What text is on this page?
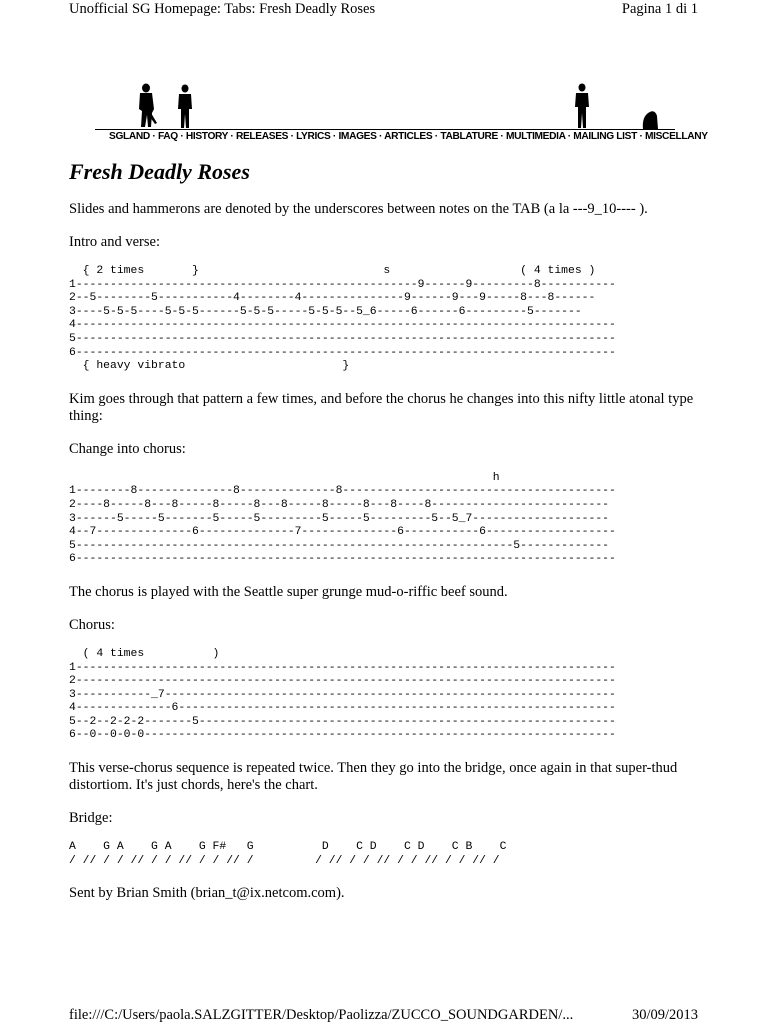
Unofficial SG Homepage: Tabs: Fresh Deadly Roses	Pagina 1 di 1
SGLAND · FAQ · HISTORY · RELEASES · LYRICS · IMAGES · ARTICLES · TABLATURE · MULTIMEDIA · MAILING LIST · MISCELLANY
Fresh Deadly Roses

Slides and hammerons are denoted by the underscores between notes on the TAB (a la ---9_10---- ).

Intro and verse:

{ 2 times       }                           s                   ( 4 times )
1--------------------------------------------------9------9---------8-----------
2--5--------5-----------4--------4---------------9------9---9-----8---8------
3----5-5-5----5-5-5------5-5-5-----5-5-5--5_6-----6------6---------5-------
4-------------------------------------------------------------------------------
5-------------------------------------------------------------------------------
6-------------------------------------------------------------------------------
{ heavy vibrato                       }

Kim goes through that pattern a few times, and before the chorus he changes into this nifty little atonal type thing:

Change into chorus:

h
1--------8--------------8--------------8----------------------------------------
2----8-----8---8-----8-----8---8-----8-----8---8----8--------------------------
3------5-----5-------5-----5---------5-----5---------5--5_7--------------------
4--7--------------6--------------7--------------6-----------6-------------------
5----------------------------------------------------------------5-------------
6-------------------------------------------------------------------------------

The chorus is played with the Seattle super grunge mud-o-riffic beef sound.

Chorus:

( 4 times          )
1-------------------------------------------------------------------------------
2-------------------------------------------------------------------------------
3-----------_7------------------------------------------------------------------
4--------------6----------------------------------------------------------------
5--2--2-2-2-------5-------------------------------------------------------------
6--0--0-0-0---------------------------------------------------------------------

This verse-chorus sequence is repeated twice. Then they go into the bridge, once again in that super-thud distortiom. It's just chords, here's the chart.

Bridge:

A    G A    G A    G F#   G          D    C D    C D    C B    C
/ // / / // / / // / / // /         / // / / // / / // / / // /

Sent by Brian Smith (brian_t@ix.netcom.com).

file:///C:/Users/paola.SALZGITTER/Desktop/Paolizza/ZUCCO_SOUNDGARDEN/...	30/09/2013
